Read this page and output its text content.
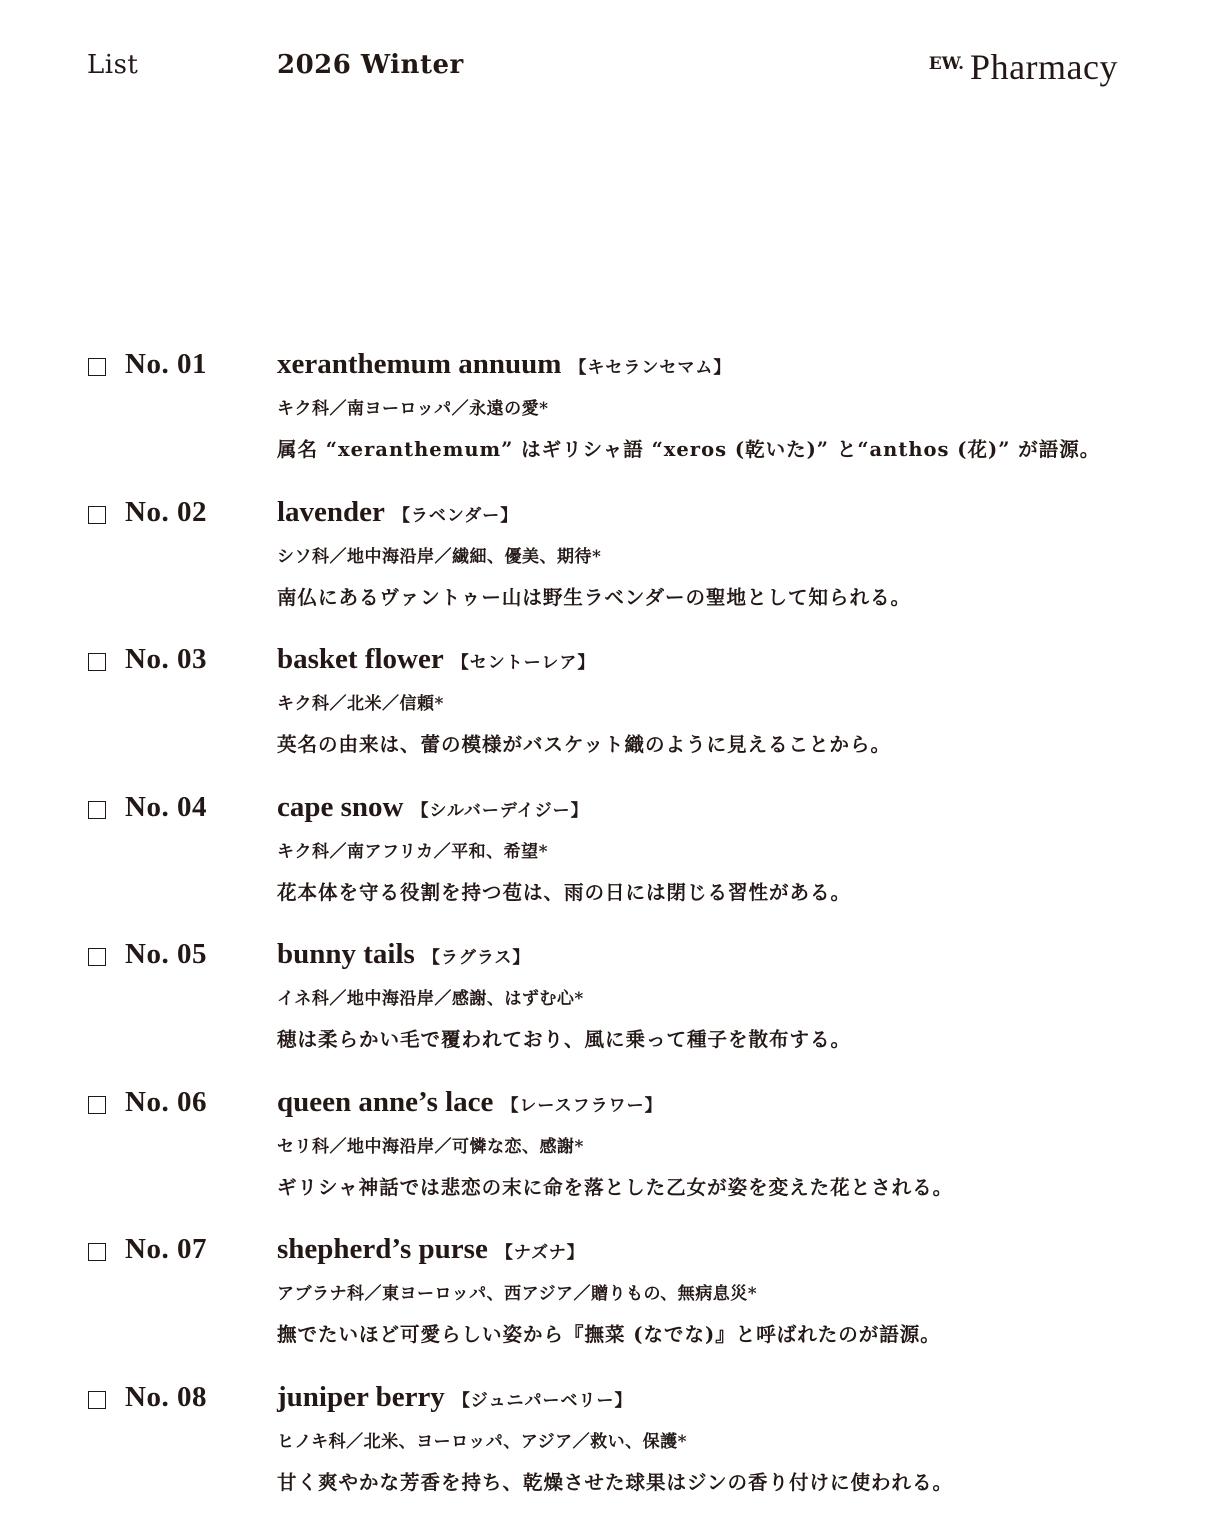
List	2026 Winter	EW. Pharmacy
No. 01 xeranthemum annuum 【キセランセマム】
キク科／南ヨーロッパ／永遠の愛*
属名 “xeranthemum” はギリシャ語 “xeros (乾いた)” と“anthos (花)” が語源。
No. 02 lavender 【ラベンダー】
シソ科／地中海沿岸／繊細、優美、期待*
南仏にあるヴァントゥー山は野生ラベンダーの聖地として知られる。
No. 03 basket flower 【セントーレア】
キク科／北米／信頼*
英名の由来は、蕾の模様がバスケット織のように見えることから。
No. 04 cape snow 【シルバーデイジー】
キク科／南アフリカ／平和、希望*
花本体を守る役割を持つ苞は、雨の日には閉じる習性がある。
No. 05 bunny tails 【ラグラス】
イネ科／地中海沿岸／感謝、はずむ心*
穂は柔らかい毛で覆われており、風に乗って種子を散布する。
No. 06 queen anne’s lace 【レースフラワー】
セリ科／地中海沿岸／可憐な恋、感謝*
ギリシャ神話では悲恋の末に命を落とした乙女が姿を変えた花とされる。
No. 07 shepherd’s purse 【ナズナ】
アブラナ科／東ヨーロッパ、西アジア／贈りもの、無病息災*
撫でたいほど可愛らしい姿から『撫菜 (なでな)』と呼ばれたのが語源。
No. 08 juniper berry 【ジュニパーベリー】
ヒノキ科／北米、ヨーロッパ、アジア／救い、保護*
甘く爽やかな芳香を持ち、乾燥させた球果はジンの香り付けに使われる。
